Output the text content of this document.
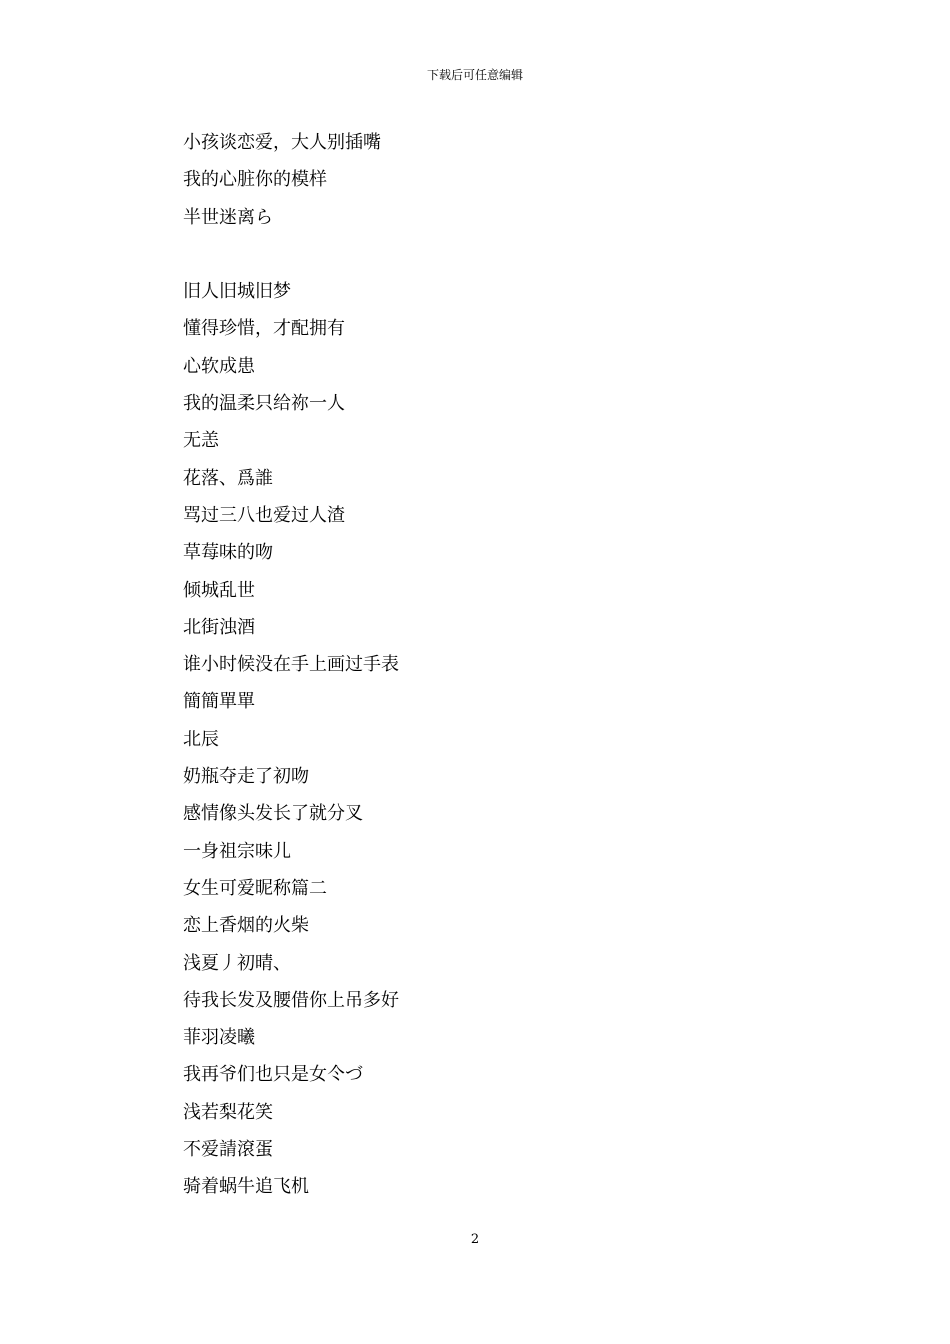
下载后可任意编辑
小孩谈恋爱，大人别插嘴
我的心脏你的模样
半世迷离ら
旧人旧城旧梦
懂得珍惜，才配拥有
心软成患
我的温柔只给祢一人
无恙
花落、爲誰
骂过三八也爱过人渣
草莓味的吻
倾城乱世
北街浊酒
谁小时候没在手上画过手表
簡簡單單
北辰
奶瓶夺走了初吻
感情像头发长了就分叉
一身祖宗味儿
女生可爱昵称篇二
恋上香烟的火柴
浅夏丿初晴、
待我长发及腰借你上吊多好
菲羽凌曦
我再爷们也只是女仒づ
浅若梨花笑
不爱請滾蛋
骑着蜗牛追飞机
2
